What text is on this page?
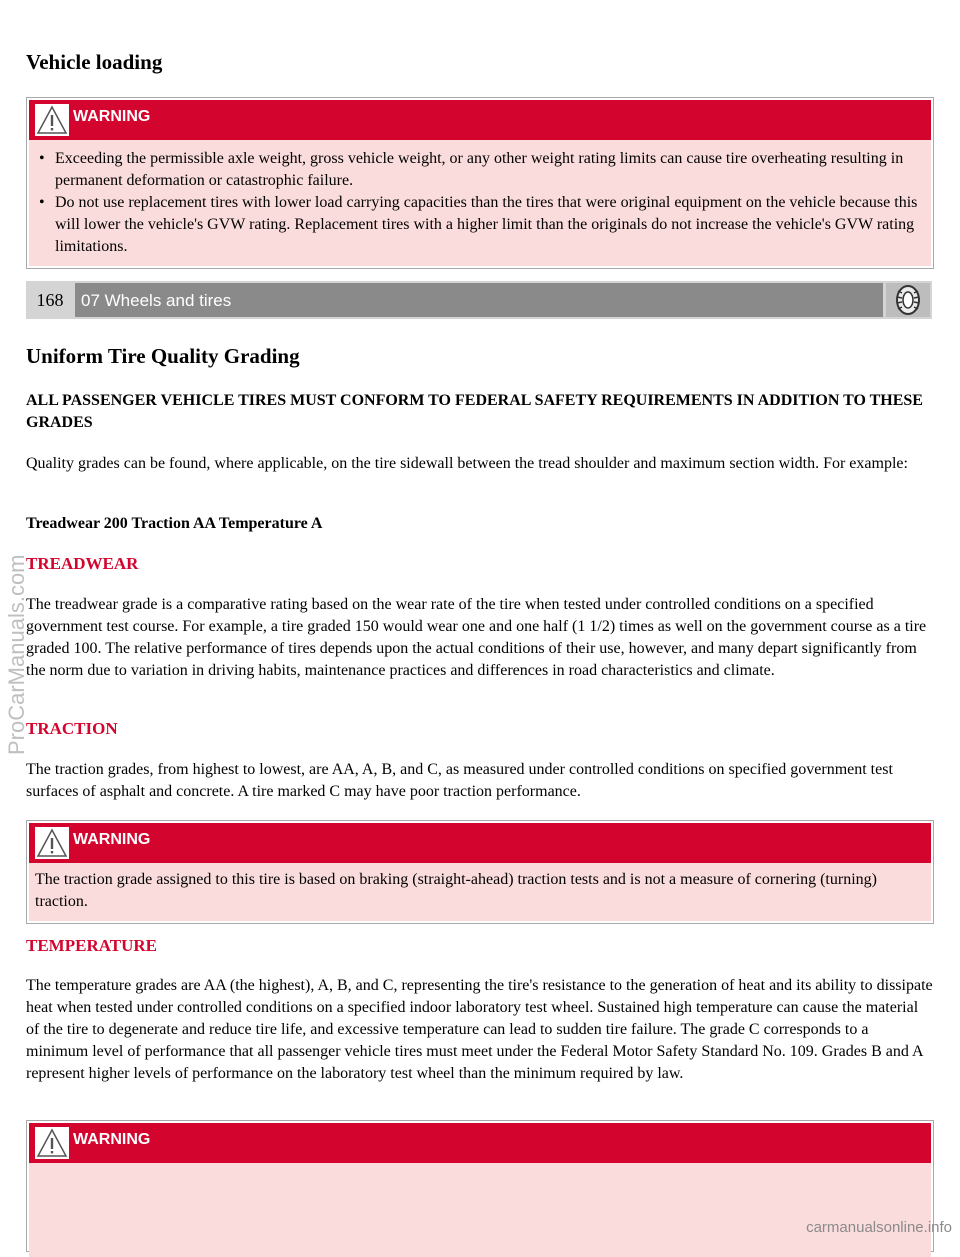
Vehicle loading
WARNING
• Exceeding the permissible axle weight, gross vehicle weight, or any other weight rating limits can cause tire overheating resulting in permanent deformation or catastrophic failure.
• Do not use replacement tires with lower load carrying capacities than the tires that were original equipment on the vehicle because this will lower the vehicle's GVW rating. Replacement tires with a higher limit than the originals do not increase the vehicle's GVW rating limitations.
168	07 Wheels and tires
Uniform Tire Quality Grading

ALL PASSENGER VEHICLE TIRES MUST CONFORM TO FEDERAL SAFETY REQUIREMENTS IN ADDITION TO THESE GRADES

Quality grades can be found, where applicable, on the tire sidewall between the tread shoulder and maximum section width. For example:

Treadwear 200 Traction AA Temperature A

TREADWEAR

The treadwear grade is a comparative rating based on the wear rate of the tire when tested under controlled conditions on a specified government test course. For example, a tire graded 150 would wear one and one half (1 1/2) times as well on the government course as a tire graded 100. The relative performance of tires depends upon the actual conditions of their use, however, and many depart significantly from the norm due to variation in driving habits, maintenance practices and differences in road characteristics and climate.

TRACTION

The traction grades, from highest to lowest, are AA, A, B, and C, as measured under controlled conditions on specified government test surfaces of asphalt and concrete. A tire marked C may have poor traction performance.

WARNING
The traction grade assigned to this tire is based on braking (straight-ahead) traction tests and is not a measure of cornering (turning) traction.

TEMPERATURE

The temperature grades are AA (the highest), A, B, and C, representing the tire's resistance to the generation of heat and its ability to dissipate heat when tested under controlled conditions on a specified indoor laboratory test wheel. Sustained high temperature can cause the material of the tire to degenerate and reduce tire life, and excessive temperature can lead to sudden tire failure. The grade C corresponds to a minimum level of performance that all passenger vehicle tires must meet under the Federal Motor Safety Standard No. 109. Grades B and A represent higher levels of performance on the laboratory test wheel than the minimum required by law.

WARNING
ProCarManuals.com
carmanualsonline.info
